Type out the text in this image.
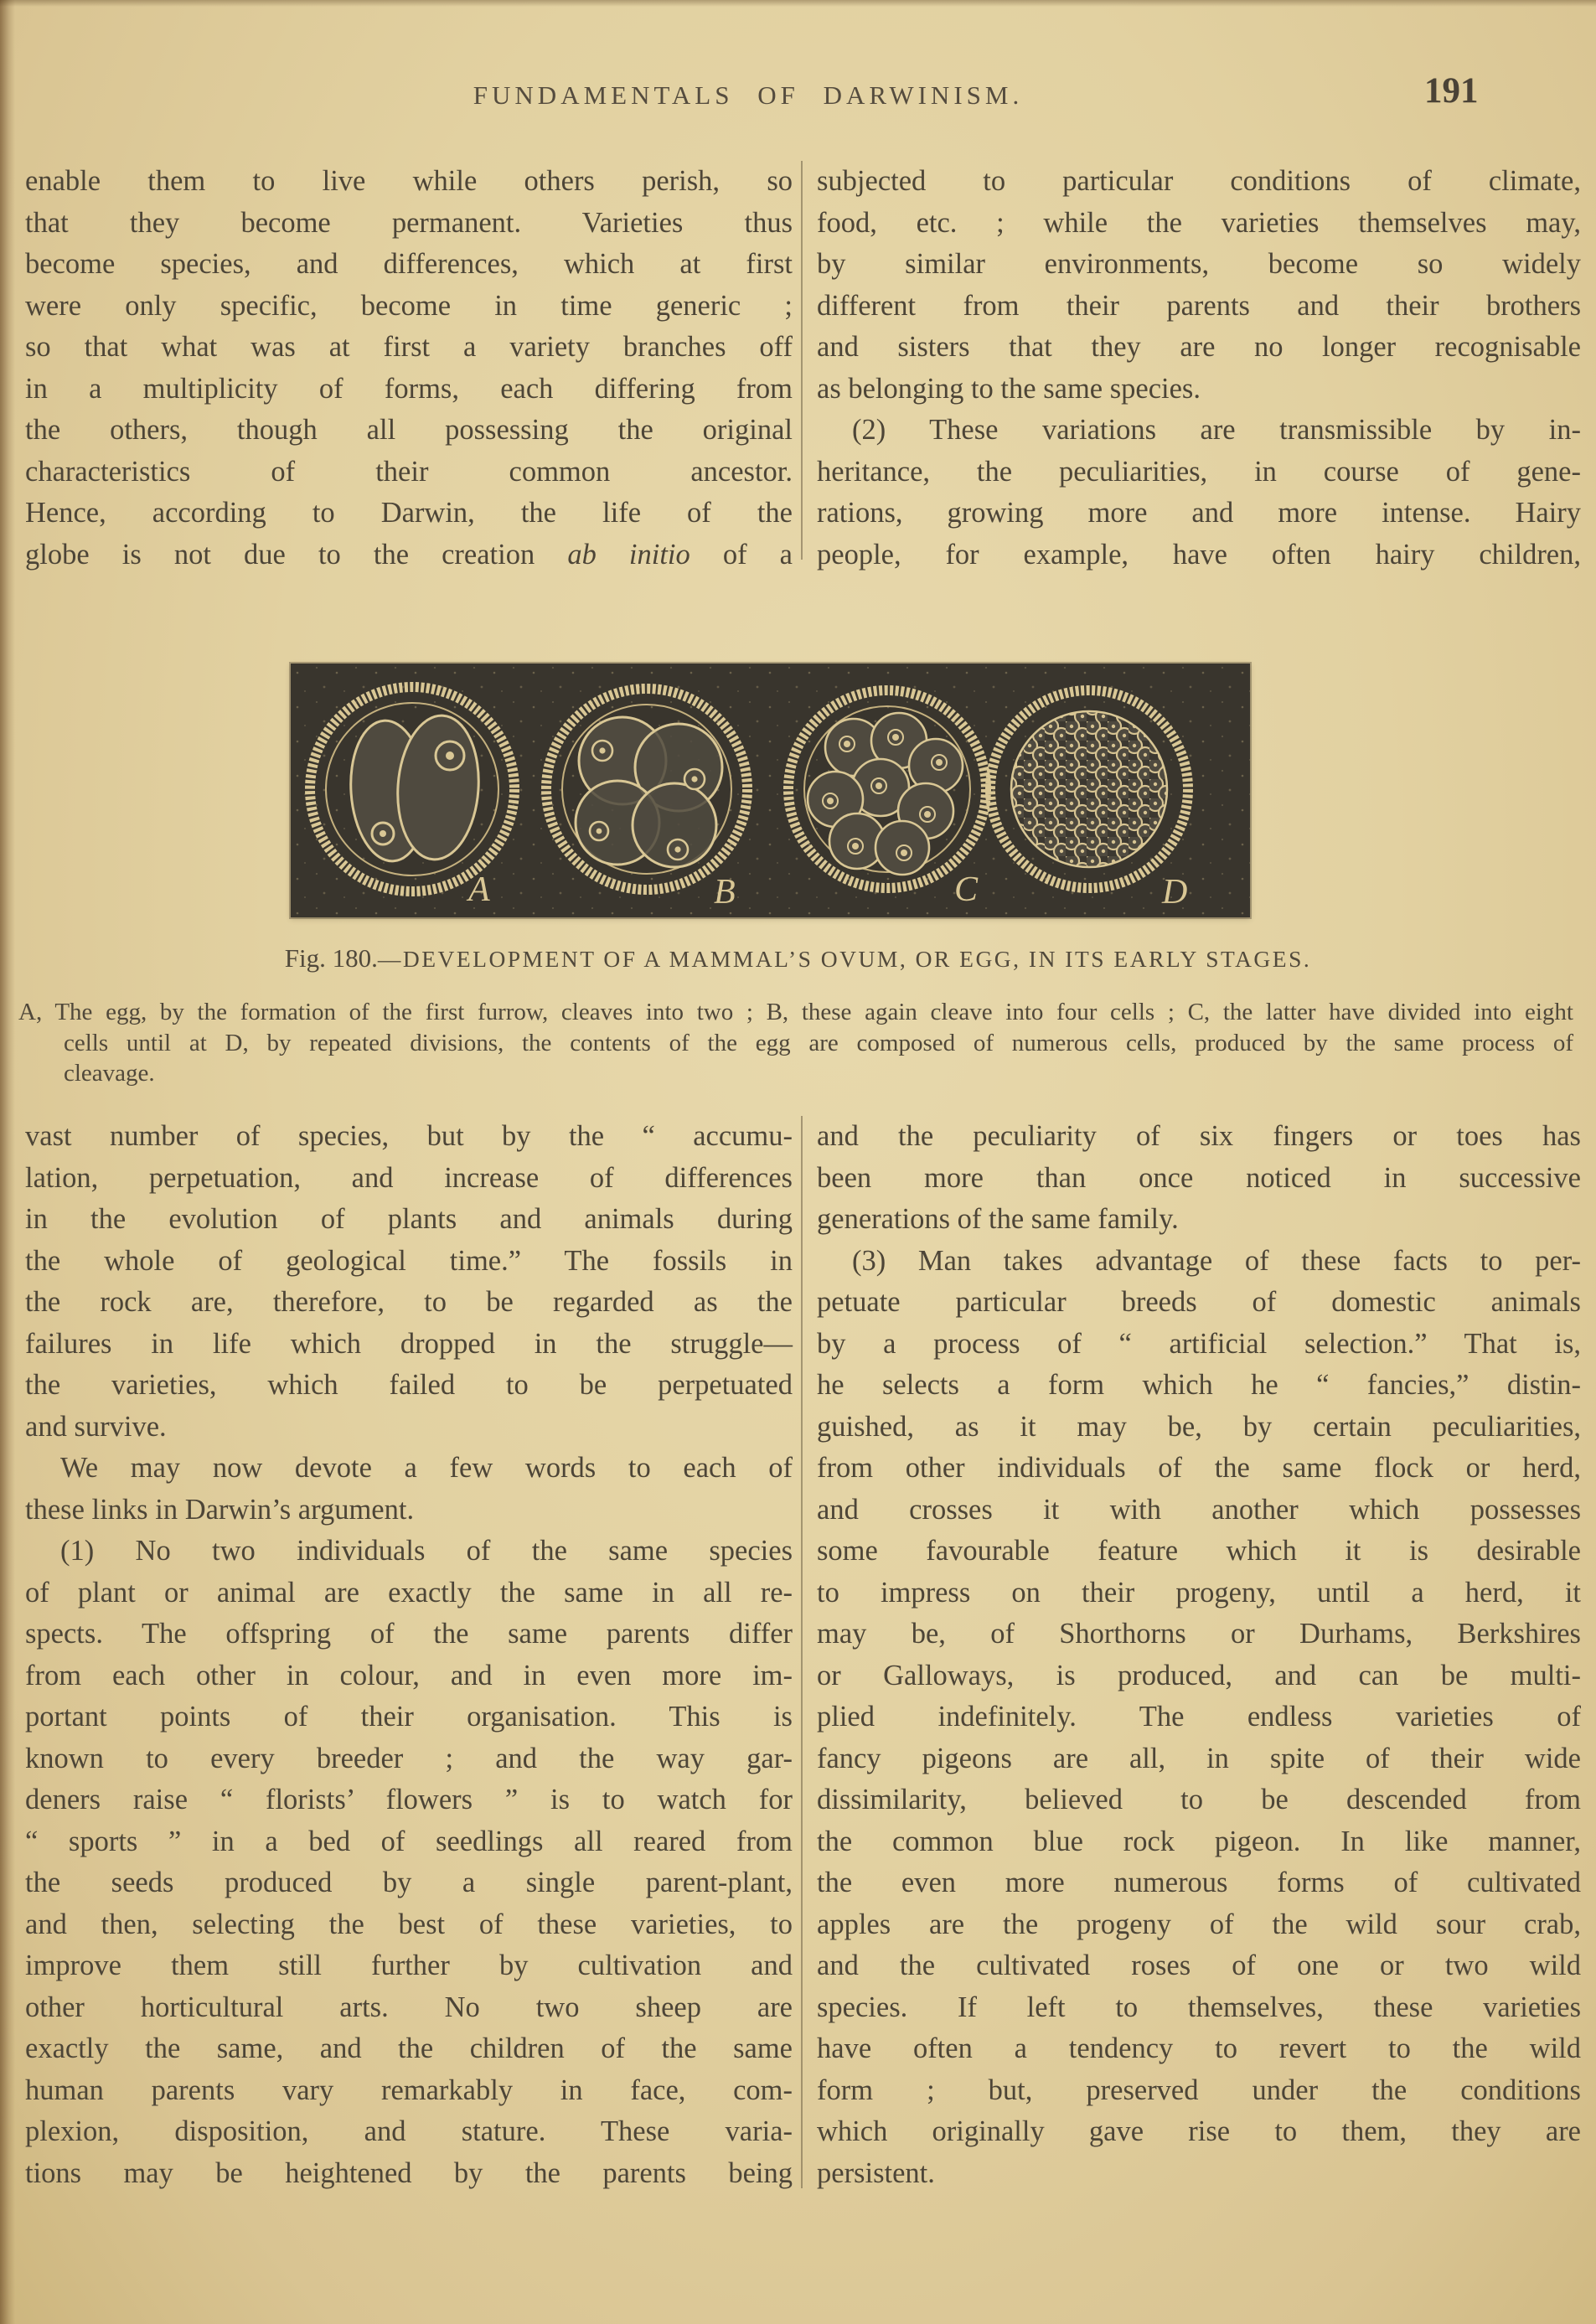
FUNDAMENTALS OF DARWINISM.	191
enable them to live while others perish, so
that they become permanent. Varieties thus
become species, and differences, which at first
were only specific, become in time generic ;
so that what was at first a variety branches off
in a multiplicity of forms, each differing from
the others, though all possessing the original
characteristics of their common ancestor.
Hence, according to Darwin, the life of the
globe is not due to the creation ab initio of a
subjected to particular conditions of climate,
food, etc. ; while the varieties themselves may,
by similar environments, become so widely
different from their parents and their brothers
and sisters that they are no longer recognisable
as belonging to the same species.
(2) These variations are transmissible by in-
heritance, the peculiarities, in course of gene-
rations, growing more and more intense. Hairy
people, for example, have often hairy children,
A	B	C	D
Fig. 180.—DEVELOPMENT OF A MAMMAL’S OVUM, OR EGG, IN ITS EARLY STAGES.
A, The egg, by the formation of the first furrow, cleaves into two ; B, these again cleave into four cells ; C, the latter have divided into eight
cells until at D, by repeated divisions, the contents of the egg are composed of numerous cells, produced by the same process of
cleavage.
vast number of species, but by the “ accumu-
lation, perpetuation, and increase of differences
in the evolution of plants and animals during
the whole of geological time.” The fossils in
the rock are, therefore, to be regarded as the
failures in life which dropped in the struggle—
the varieties, which failed to be perpetuated
and survive.
We may now devote a few words to each of
these links in Darwin’s argument.
(1) No two individuals of the same species
of plant or animal are exactly the same in all re-
spects. The offspring of the same parents differ
from each other in colour, and in even more im-
portant points of their organisation. This is
known to every breeder ; and the way gar-
deners raise “ florists’ flowers ” is to watch for
“ sports ” in a bed of seedlings all reared from
the seeds produced by a single parent-plant,
and then, selecting the best of these varieties, to
improve them still further by cultivation and
other horticultural arts. No two sheep are
exactly the same, and the children of the same
human parents vary remarkably in face, com-
plexion, disposition, and stature. These varia-
tions may be heightened by the parents being
and the peculiarity of six fingers or toes has
been more than once noticed in successive
generations of the same family.
(3) Man takes advantage of these facts to per-
petuate particular breeds of domestic animals
by a process of “ artificial selection.” That is,
he selects a form which he “ fancies,” distin-
guished, as it may be, by certain peculiarities,
from other individuals of the same flock or herd,
and crosses it with another which possesses
some favourable feature which it is desirable
to impress on their progeny, until a herd, it
may be, of Shorthorns or Durhams, Berkshires
or Galloways, is produced, and can be multi-
plied indefinitely. The endless varieties of
fancy pigeons are all, in spite of their wide
dissimilarity, believed to be descended from
the common blue rock pigeon. In like manner,
the even more numerous forms of cultivated
apples are the progeny of the wild sour crab,
and the cultivated roses of one or two wild
species. If left to themselves, these varieties
have often a tendency to revert to the wild
form ; but, preserved under the conditions
which originally gave rise to them, they are
persistent.
